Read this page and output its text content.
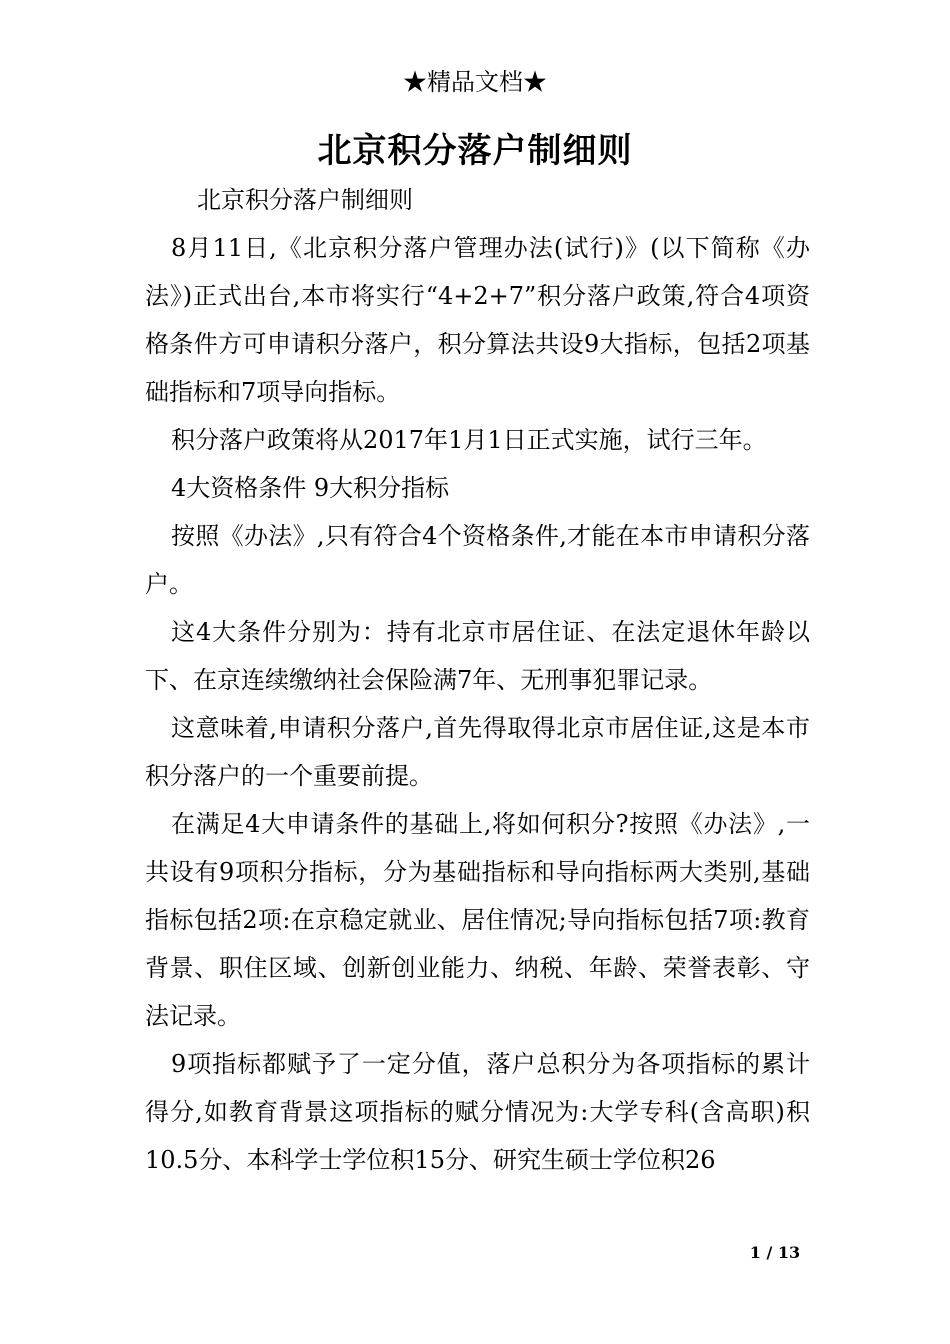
★精品文档★
北京积分落户制细则

北京积分落户制细则

8月11日,《北京积分落户管理办法(试行)》(以下简称《办法》)正式出台,本市将实行“4+2+7”积分落户政策,符合4项资格条件方可申请积分落户，积分算法共设9大指标，包括2项基础指标和7项导向指标。

积分落户政策将从2017年1月1日正式实施，试行三年。

4大资格条件 9大积分指标

按照《办法》,只有符合4个资格条件,才能在本市申请积分落户。

这4大条件分别为：持有北京市居住证、在法定退休年龄以下、在京连续缴纳社会保险满7年、无刑事犯罪记录。

这意味着,申请积分落户,首先得取得北京市居住证,这是本市积分落户的一个重要前提。

在满足4大申请条件的基础上,将如何积分?按照《办法》,一共设有9项积分指标，分为基础指标和导向指标两大类别,基础指标包括2项:在京稳定就业、居住情况;导向指标包括7项:教育背景、职住区域、创新创业能力、纳税、年龄、荣誉表彰、守法记录。

9项指标都赋予了一定分值，落户总积分为各项指标的累计得分,如教育背景这项指标的赋分情况为:大学专科(含高职)积10.5分、本科学士学位积15分、研究生硕士学位积26

1 / 13
